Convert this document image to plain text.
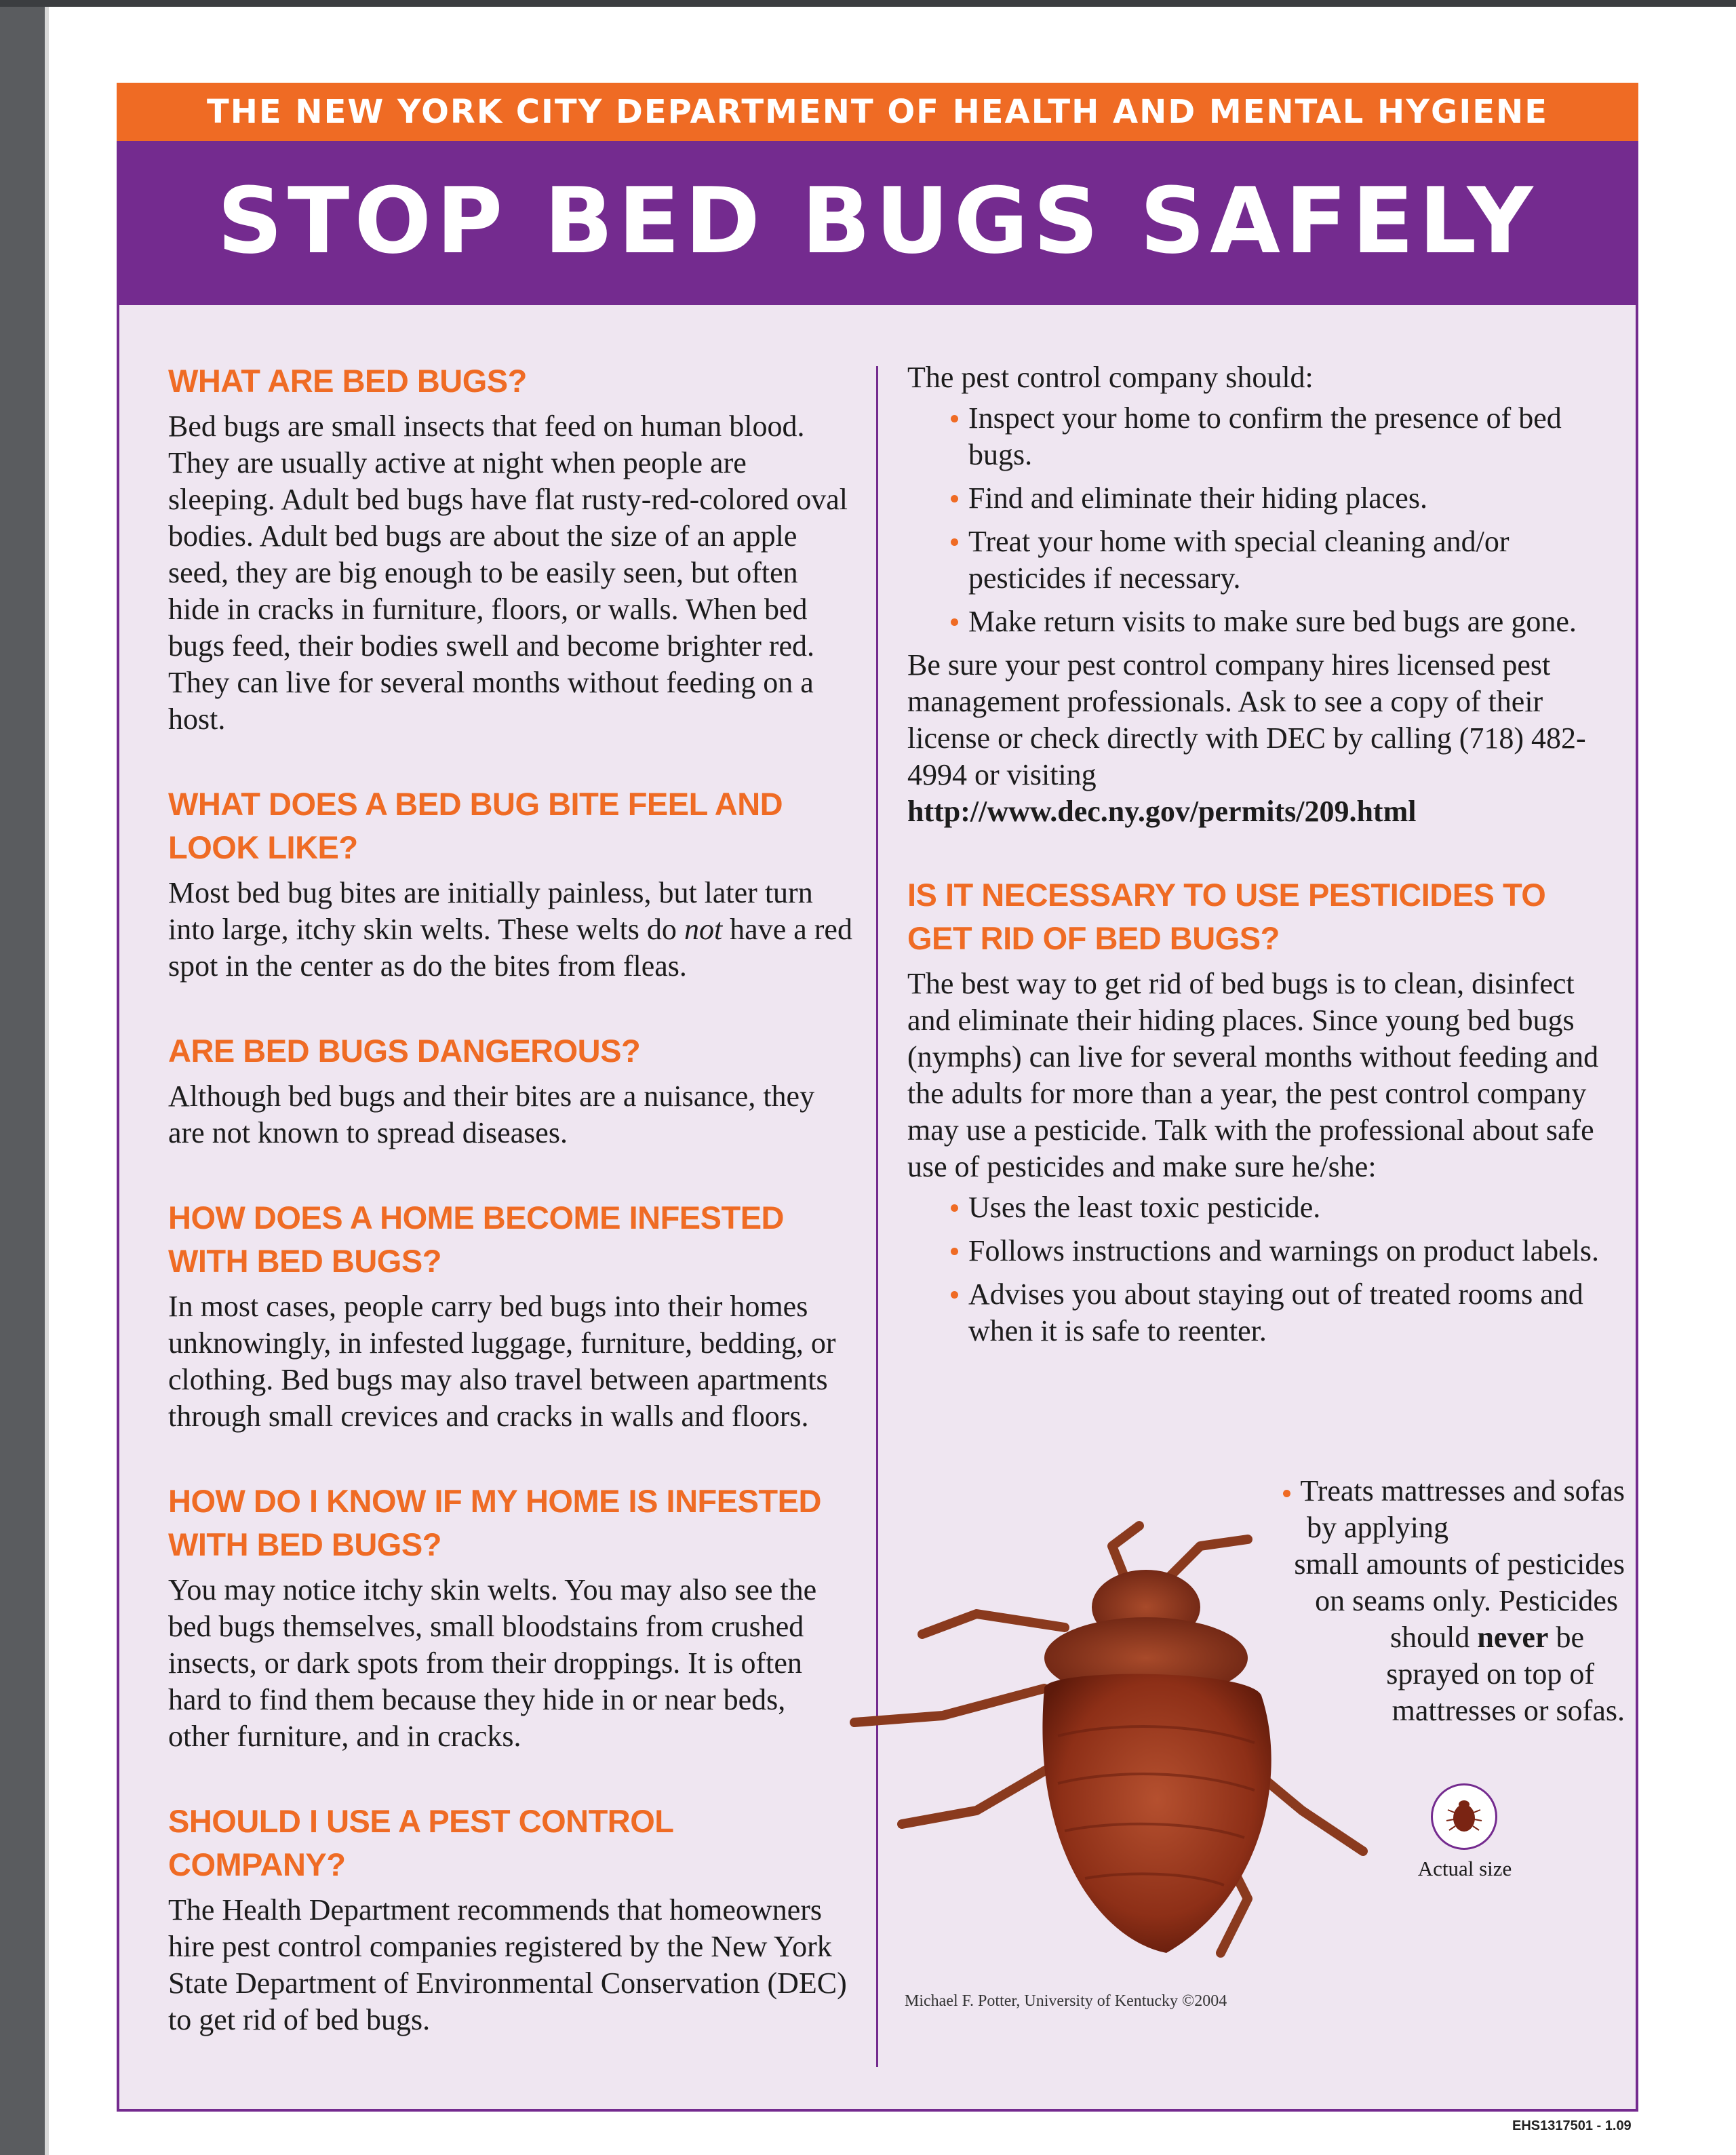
THE NEW YORK CITY DEPARTMENT OF HEALTH AND MENTAL HYGIENE
STOP BED BUGS SAFELY
WHAT ARE BED BUGS?

Bed bugs are small insects that feed on human blood. They are usually active at night when people are sleeping. Adult bed bugs have flat rusty-red-colored oval bodies. Adult bed bugs are about the size of an apple seed, they are big enough to be easily seen, but often hide in cracks in furniture, floors, or walls. When bed bugs feed, their bodies swell and become brighter red. They can live for several months without feeding on a host.

WHAT DOES A BED BUG BITE FEEL AND LOOK LIKE?

Most bed bug bites are initially painless, but later turn into large, itchy skin welts. These welts do not have a red spot in the center as do the bites from fleas.

ARE BED BUGS DANGEROUS?

Although bed bugs and their bites are a nuisance, they are not known to spread diseases.

HOW DOES A HOME BECOME INFESTED WITH BED BUGS?

In most cases, people carry bed bugs into their homes unknowingly, in infested luggage, furniture, bedding, or clothing. Bed bugs may also travel between apartments through small crevices and cracks in walls and floors.

HOW DO I KNOW IF MY HOME IS INFESTED WITH BED BUGS?

You may notice itchy skin welts. You may also see the bed bugs themselves, small bloodstains from crushed insects, or dark spots from their droppings. It is often hard to find them because they hide in or near beds, other furniture, and in cracks.

SHOULD I USE A PEST CONTROL COMPANY?

The Health Department recommends that homeowners hire pest control companies registered by the New York State Department of Environmental Conservation (DEC) to get rid of bed bugs.

The pest control company should:

Inspect your home to confirm the presence of bed bugs.
Find and eliminate their hiding places.
Treat your home with special cleaning and/or pesticides if necessary.
Make return visits to make sure bed bugs are gone.

Be sure your pest control company hires licensed pest management professionals. Ask to see a copy of their license or check directly with DEC by calling (718) 482-4994 or visiting

http://www.dec.ny.gov/permits/209.html

IS IT NECESSARY TO USE PESTICIDES TO GET RID OF BED BUGS?

The best way to get rid of bed bugs is to clean, disinfect and eliminate their hiding places. Since young bed bugs (nymphs) can live for several months without feeding and the adults for more than a year, the pest control company may use a pesticide. Talk with the professional about safe use of pesticides and make sure he/she:

Uses the least toxic pesticide.
Follows instructions and warnings on product labels.
Advises you about staying out of treated rooms and when it is safe to reenter.
Treats mattresses and sofas
by applying
small amounts of pesticides
on seams only. Pesticides
should never be
sprayed on top of
mattresses or sofas.
Actual size
Michael F. Potter, University of Kentucky ©2004
EHS1317501 - 1.09
